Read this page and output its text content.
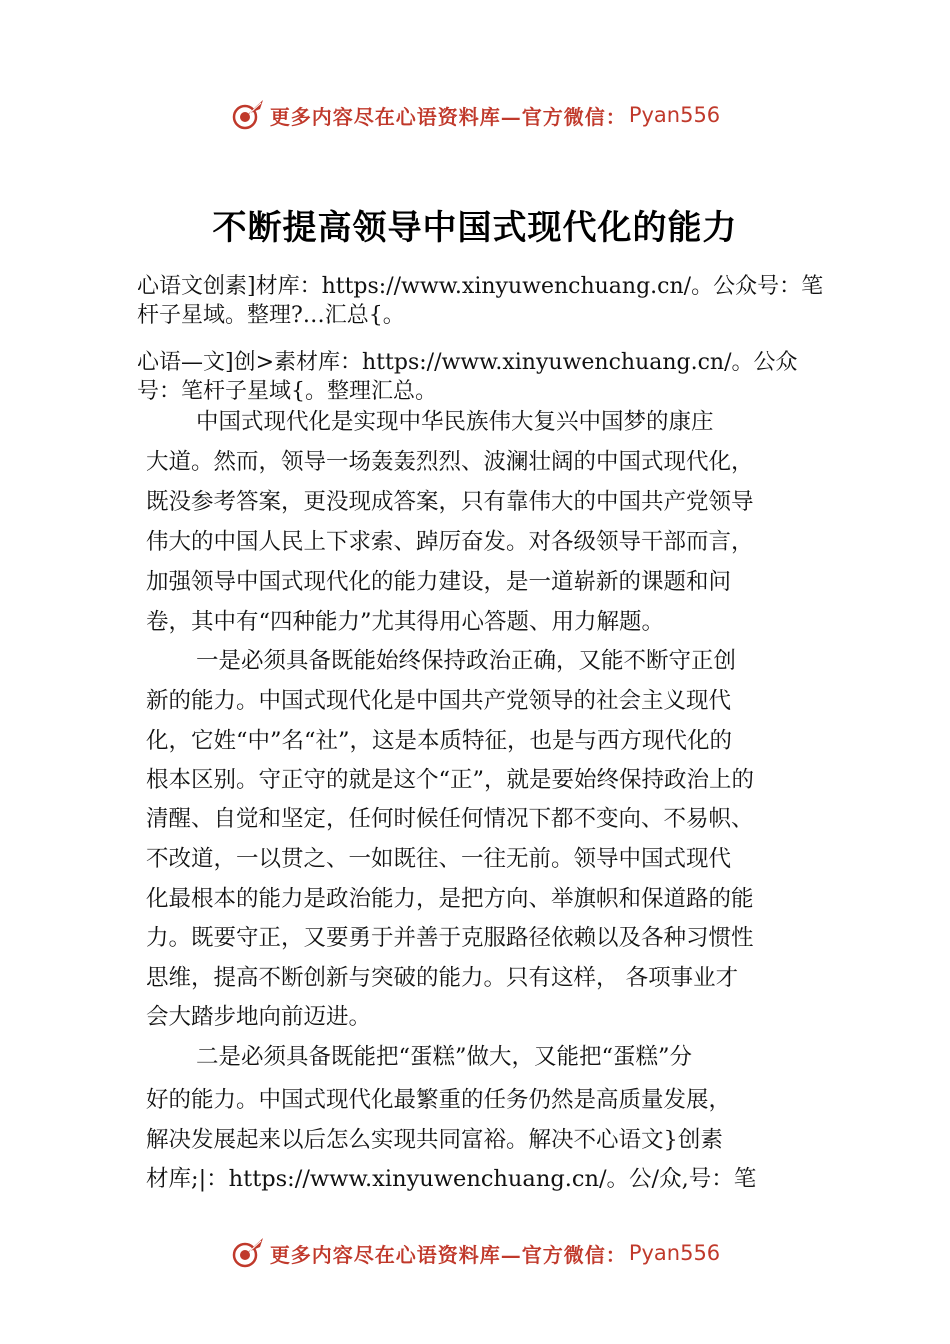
更多内容尽在心语资料库—官方微信： Pyan556
不断提高领导中国式现代化的能力
心语文创素]材库：https://www.xinyuwenchuang.cn/。公众号：笔杆子星域。整理?…汇总{。
心语—文]创>素材库：https://www.xinyuwenchuang.cn/。公众号：笔杆子星域{。整理汇总。
中国式现代化是实现中华民族伟大复兴中国梦的康庄
大道。然而，领导一场轰轰烈烈、波澜壮阔的中国式现代化，
既没参考答案，更没现成答案，只有靠伟大的中国共产党领导
伟大的中国人民上下求索、踔厉奋发。对各级领导干部而言，
加强领导中国式现代化的能力建设，是一道崭新的课题和问
卷，其中有“四种能力”尤其得用心答题、用力解题。
一是必须具备既能始终保持政治正确，又能不断守正创
新的能力。中国式现代化是中国共产党领导的社会主义现代
化，它姓“中”名“社”，这是本质特征，也是与西方现代化的
根本区别。守正守的就是这个“正”，就是要始终保持政治上的
清醒、自觉和坚定，任何时候任何情况下都不变向、不易帜、
不改道，一以贯之、一如既往、一往无前。领导中国式现代
化最根本的能力是政治能力，是把方向、举旗帜和保道路的能
力。既要守正，又要勇于并善于克服路径依赖以及各种习惯性
思维，提高不断创新与突破的能力。只有这样， 各项事业才
会大踏步地向前迈进。
二是必须具备既能把“蛋糕”做大，又能把“蛋糕”分
好的能力。中国式现代化最繁重的任务仍然是高质量发展，
解决发展起来以后怎么实现共同富裕。解决不心语文}创素
材库;|：https://www.xinyuwenchuang.cn/。公/众,号：笔
更多内容尽在心语资料库—官方微信： Pyan556
